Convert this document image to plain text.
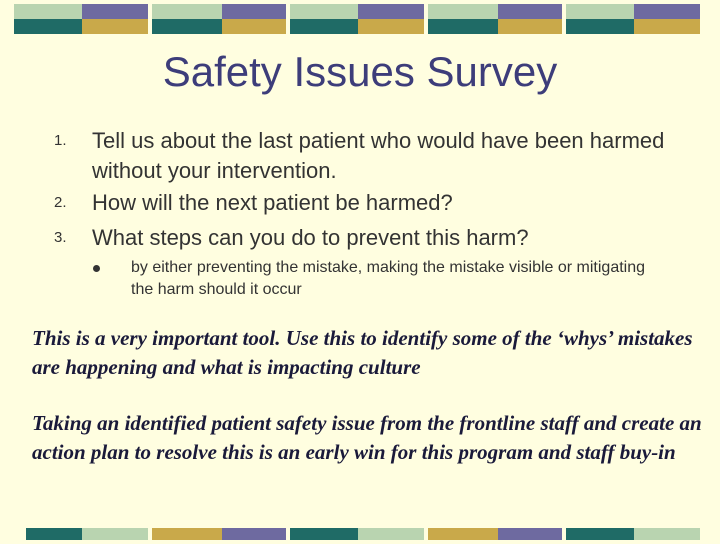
Safety Issues Survey
1.	Tell us about the last patient who would have been harmed without your intervention.
2.	How will the next patient be harmed?
3.	What steps can you do to prevent this harm?
by either preventing the mistake, making the mistake visible or mitigating the harm should it occur
This is a very important tool. Use this to identify some of the ‘whys’ mistakes are happening and what is impacting culture
Taking an identified patient safety issue from the frontline staff and create an action plan to resolve this is an early win for this program and staff buy-in
